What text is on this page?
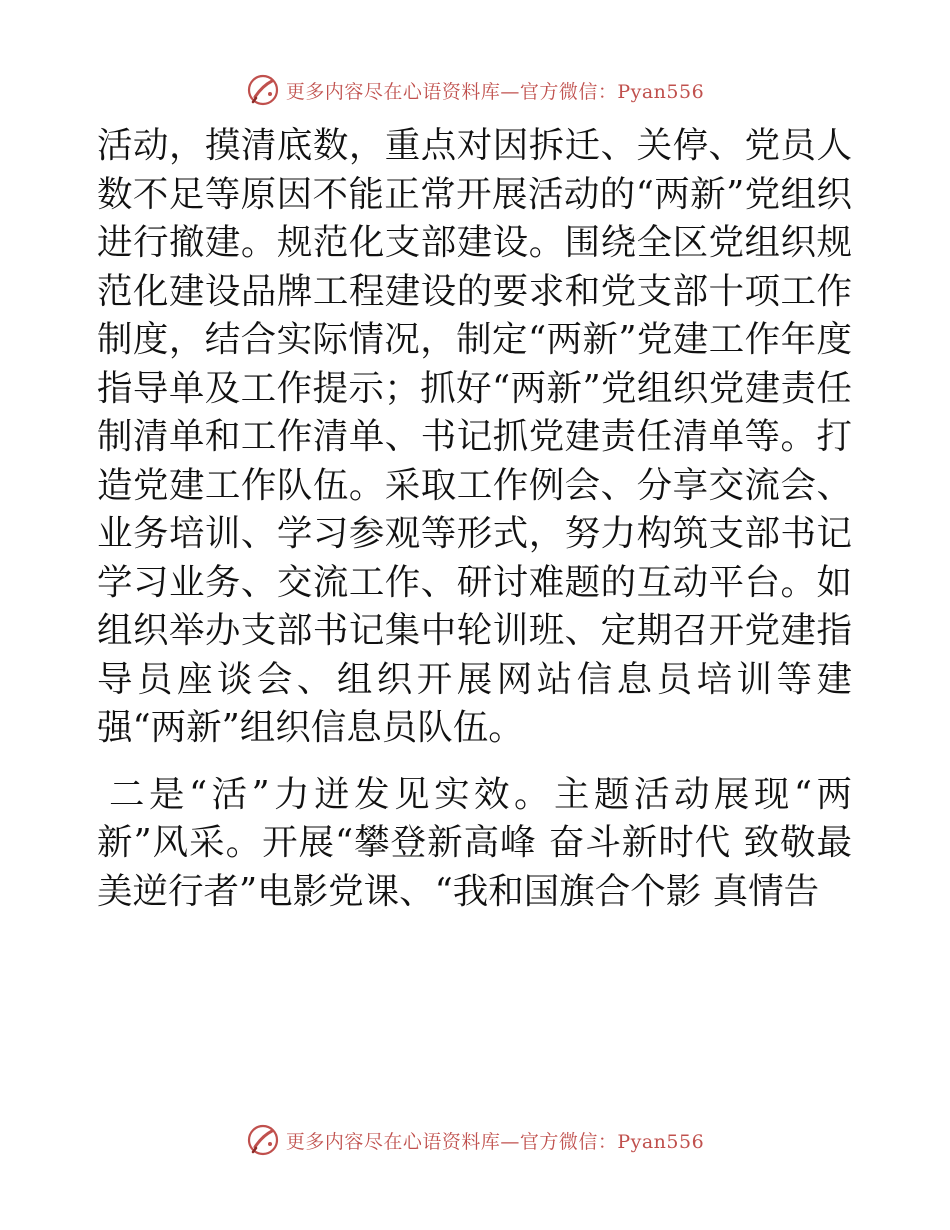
更多内容尽在心语资料库—官方微信：Pyan556

活动，摸清底数，重点对因拆迁、关停、党员人数不足等原因不能正常开展活动的“两新”党组织进行撤建。规范化支部建设。围绕全区党组织规范化建设品牌工程建设的要求和党支部十项工作制度，结合实际情况，制定“两新”党建工作年度指导单及工作提示；抓好“两新”党组织党建责任制清单和工作清单、书记抓党建责任清单等。打造党建工作队伍。采取工作例会、分享交流会、业务培训、学习参观等形式，努力构筑支部书记学习业务、交流工作、研讨难题的互动平台。如组织举办支部书记集中轮训班、定期召开党建指导员座谈会、组织开展网站信息员培训等建强“两新”组织信息员队伍。

二是“活”力迸发见实效。主题活动展现“两新”风采。开展“攀登新高峰 奋斗新时代 致敬最美逆行者”电影党课、“我和国旗合个影 真情告

更多内容尽在心语资料库—官方微信：Pyan556
